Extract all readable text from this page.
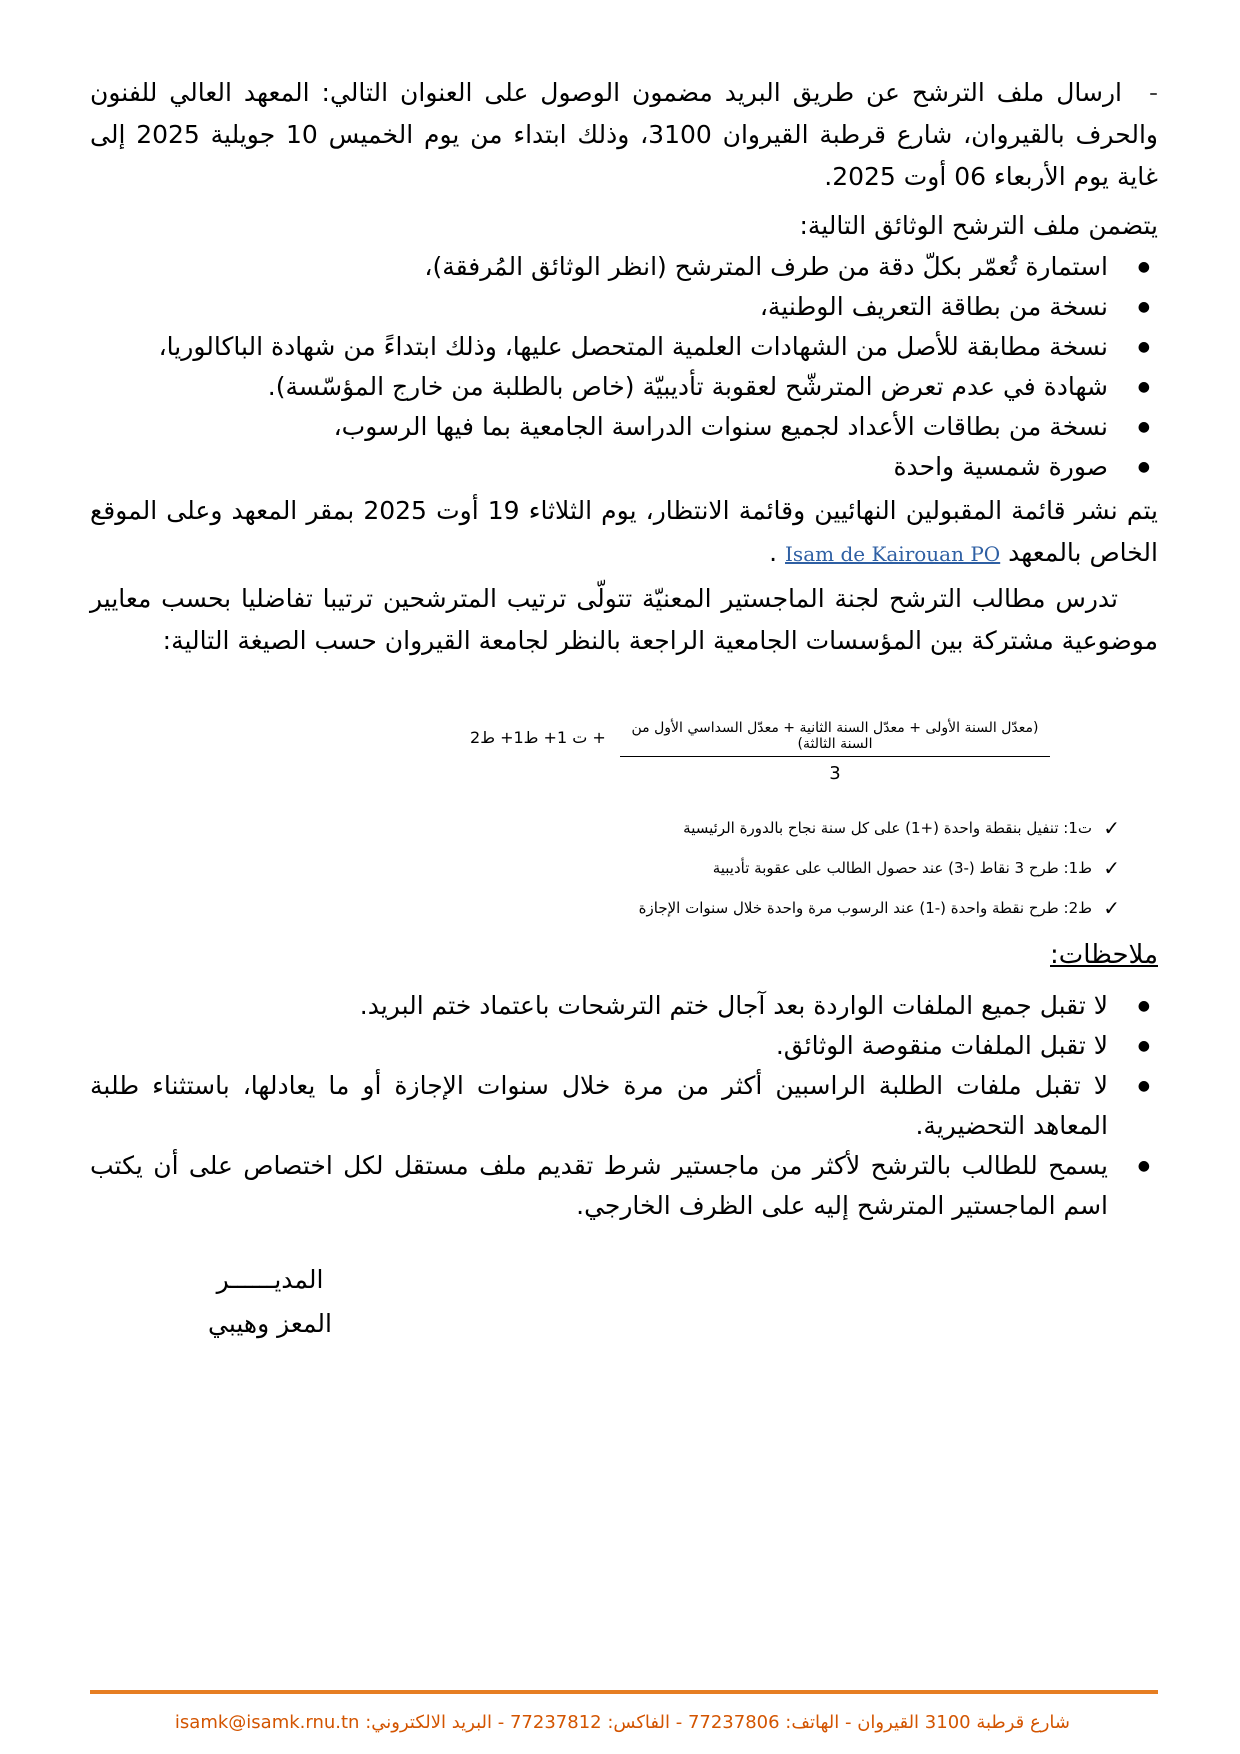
-ارسال ملف الترشح عن طريق البريد مضمون الوصول على العنوان التالي: المعهد العالي للفنون والحرف بالقيروان، شارع قرطبة القيروان 3100، وذلك ابتداء من يوم الخميس 10 جويلية 2025 إلى غاية يوم الأربعاء 06 أوت 2025.

يتضمن ملف الترشح الوثائق التالية:

● استمارة تُعمّر بكلّ دقة من طرف المترشح (انظر الوثائق المُرفقة)،
● نسخة من بطاقة التعريف الوطنية،
● نسخة مطابقة للأصل من الشهادات العلمية المتحصل عليها، وذلك ابتداءً من شهادة الباكالوريا،
● شهادة في عدم تعرض المترشّح لعقوبة تأديبيّة (خاص بالطلبة من خارج المؤسّسة).
● نسخة من بطاقات الأعداد لجميع سنوات الدراسة الجامعية بما فيها الرسوب،
● صورة شمسية واحدة

يتم نشر قائمة المقبولين النهائيين وقائمة الانتظار، يوم الثلاثاء 19 أوت 2025 بمقر المعهد وعلى الموقع الخاص بالمعهد Isam de Kairouan PO .

تدرس مطالب الترشح لجنة الماجستير المعنيّة تتولّى ترتيب المترشحين ترتيبا تفاضليا بحسب معايير موضوعية مشتركة بين المؤسسات الجامعية الراجعة بالنظر لجامعة القيروان حسب الصيغة التالية:

(معدّل السنة الأولى + معدّل السنة الثانية + معدّل السداسي الأول من السنة الثالثة)
3
+ ت 1+ ط1+ ط2
✓
ت1: تنفيل بنقطة واحدة (+1) على كل سنة نجاح بالدورة الرئيسية
✓
ط1: طرح 3 نقاط (-3) عند حصول الطالب على عقوبة تأديبية
✓
ط2: طرح نقطة واحدة (-1) عند الرسوب مرة واحدة خلال سنوات الإجازة
ملاحظات:
● لا تقبل جميع الملفات الواردة بعد آجال ختم الترشحات باعتماد ختم البريد.
● لا تقبل الملفات منقوصة الوثائق.
● لا تقبل ملفات الطلبة الراسبين أكثر من مرة خلال سنوات الإجازة أو ما يعادلها، باستثناء طلبة المعاهد التحضيرية.
● يسمح للطالب بالترشح لأكثر من ماجستير شرط تقديم ملف مستقل لكل اختصاص على أن يكتب اسم الماجستير المترشح إليه على الظرف الخارجي.
المديــــــر
المعز وهيبي
شارع قرطبة 3100 القيروان - الهاتف: 77237806 - الفاكس: 77237812 - البريد الالكتروني: isamk@isamk.rnu.tn
